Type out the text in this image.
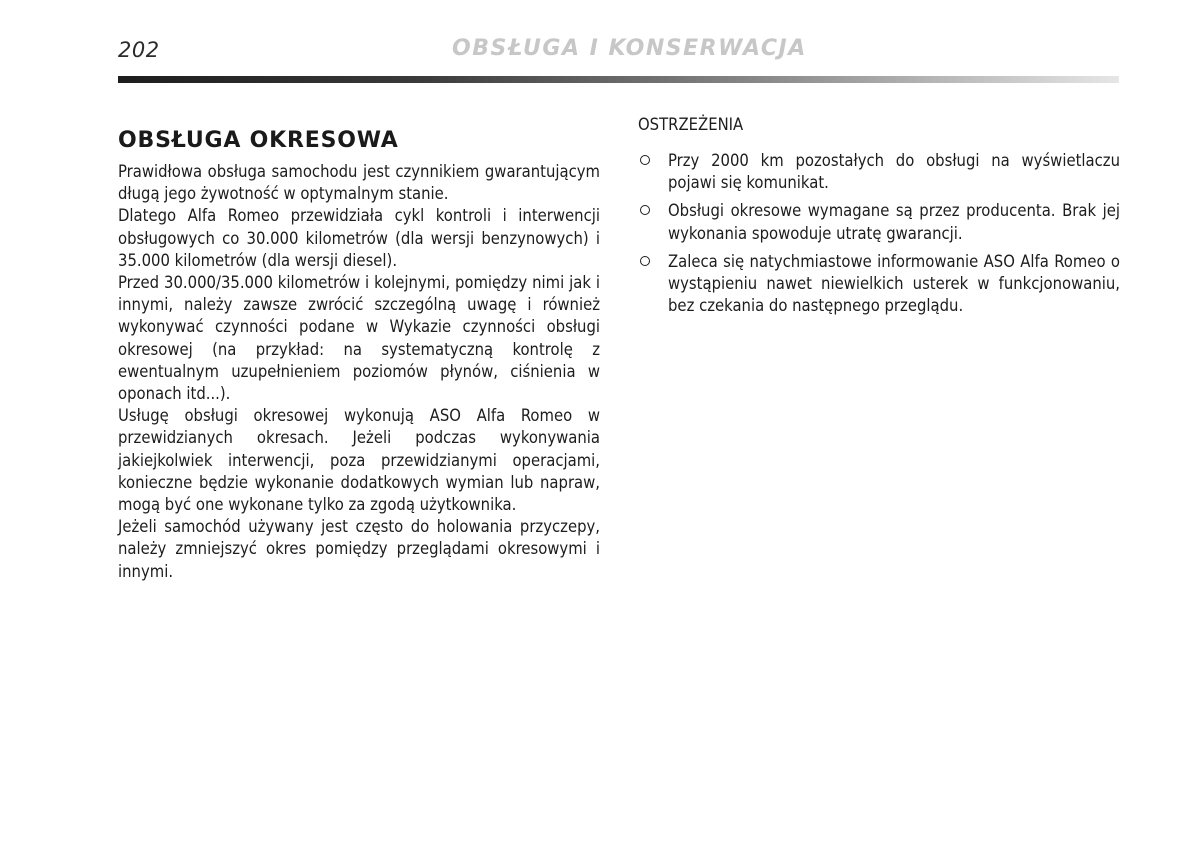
202	OBSŁUGA I KONSERWACJA
OBSŁUGA OKRESOWA

Prawidłowa obsługa samochodu jest czynnikiem gwarantującym długą jego żywotność w optymalnym stanie.

Dlatego Alfa Romeo przewidziała cykl kontroli i interwencji obsługowych co 30.000 kilometrów (dla wersji benzynowych) i 35.000 kilometrów (dla wersji diesel).

Przed 30.000/35.000 kilometrów i kolejnymi, pomiędzy nimi jak i innymi, należy zawsze zwrócić szczególną uwagę i również wykonywać czynności podane w Wykazie czynności obsługi okresowej (na przykład: na systematyczną kontrolę z ewentualnym uzupełnieniem poziomów płynów, ciśnienia w oponach itd...).

Usługę obsługi okresowej wykonują ASO Alfa Romeo w przewidzianych okresach. Jeżeli podczas wykonywania jakiejkolwiek interwencji, poza przewidzianymi operacjami, konieczne będzie wykonanie dodatkowych wymian lub napraw, mogą być one wykonane tylko za zgodą użytkownika.

Jeżeli samochód używany jest często do holowania przyczepy, należy zmniejszyć okres pomiędzy przeglądami okresowymi i innymi.

OSTRZEŻENIA
Przy 2000 km pozostałych do obsługi na wyświetlaczu pojawi się komunikat.
Obsługi okresowe wymagane są przez producenta. Brak jej wykonania spowoduje utratę gwarancji.
Zaleca się natychmiastowe informowanie ASO Alfa Romeo o wystąpieniu nawet niewielkich usterek w funkcjonowaniu, bez czekania do następnego przeglądu.
